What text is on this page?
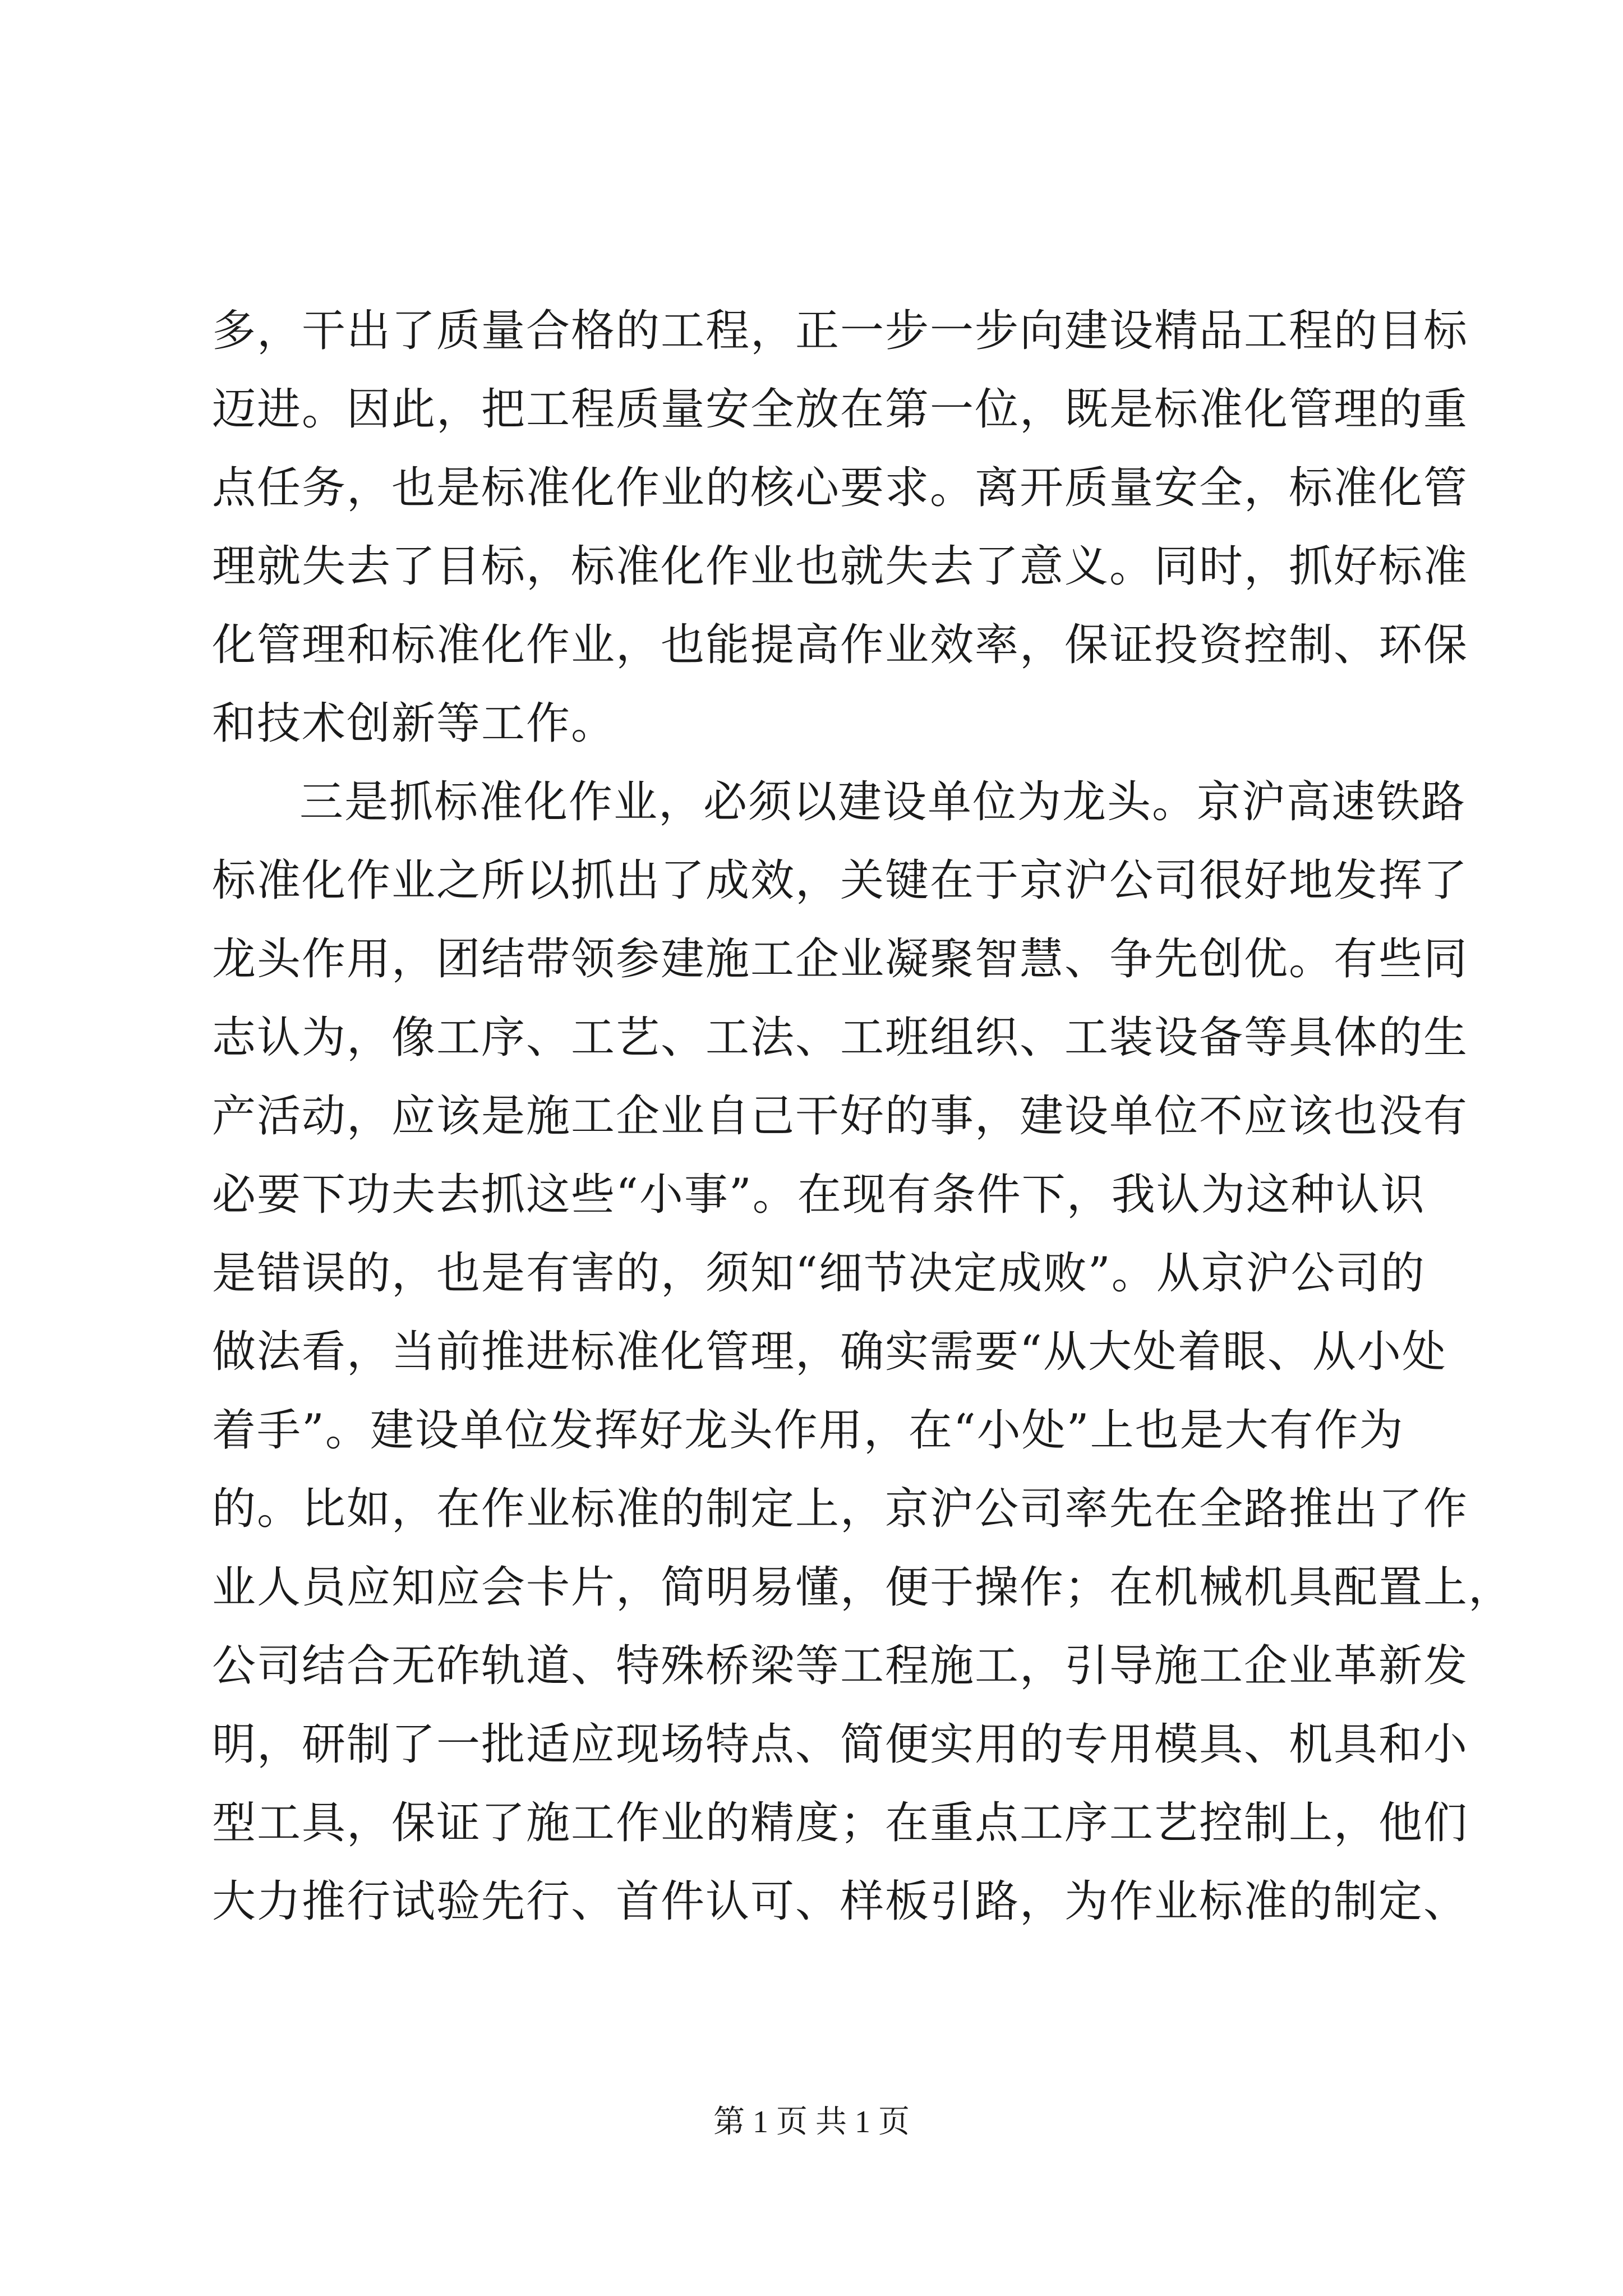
多，干出了质量合格的工程，正一步一步向建设精品工程的目标
迈进。因此，把工程质量安全放在第一位，既是标准化管理的重
点任务，也是标准化作业的核心要求。离开质量安全，标准化管
理就失去了目标，标准化作业也就失去了意义。同时，抓好标准
化管理和标准化作业，也能提高作业效率，保证投资控制、环保
和技术创新等工作。
三是抓标准化作业，必须以建设单位为龙头。京沪高速铁路
标准化作业之所以抓出了成效，关键在于京沪公司很好地发挥了
龙头作用，团结带领参建施工企业凝聚智慧、争先创优。有些同
志认为，像工序、工艺、工法、工班组织、工装设备等具体的生
产活动，应该是施工企业自己干好的事，建设单位不应该也没有
必要下功夫去抓这些“小事”。在现有条件下，我认为这种认识
是错误的，也是有害的，须知“细节决定成败”。从京沪公司的
做法看，当前推进标准化管理，确实需要“从大处着眼、从小处
着手”。建设单位发挥好龙头作用，在“小处”上也是大有作为
的。比如，在作业标准的制定上，京沪公司率先在全路推出了作
业人员应知应会卡片，简明易懂，便于操作；在机械机具配置上，
公司结合无砟轨道、特殊桥梁等工程施工，引导施工企业革新发
明，研制了一批适应现场特点、简便实用的专用模具、机具和小
型工具，保证了施工作业的精度；在重点工序工艺控制上，他们
大力推行试验先行、首件认可、样板引路，为作业标准的制定、
第 1 页 共 1 页
